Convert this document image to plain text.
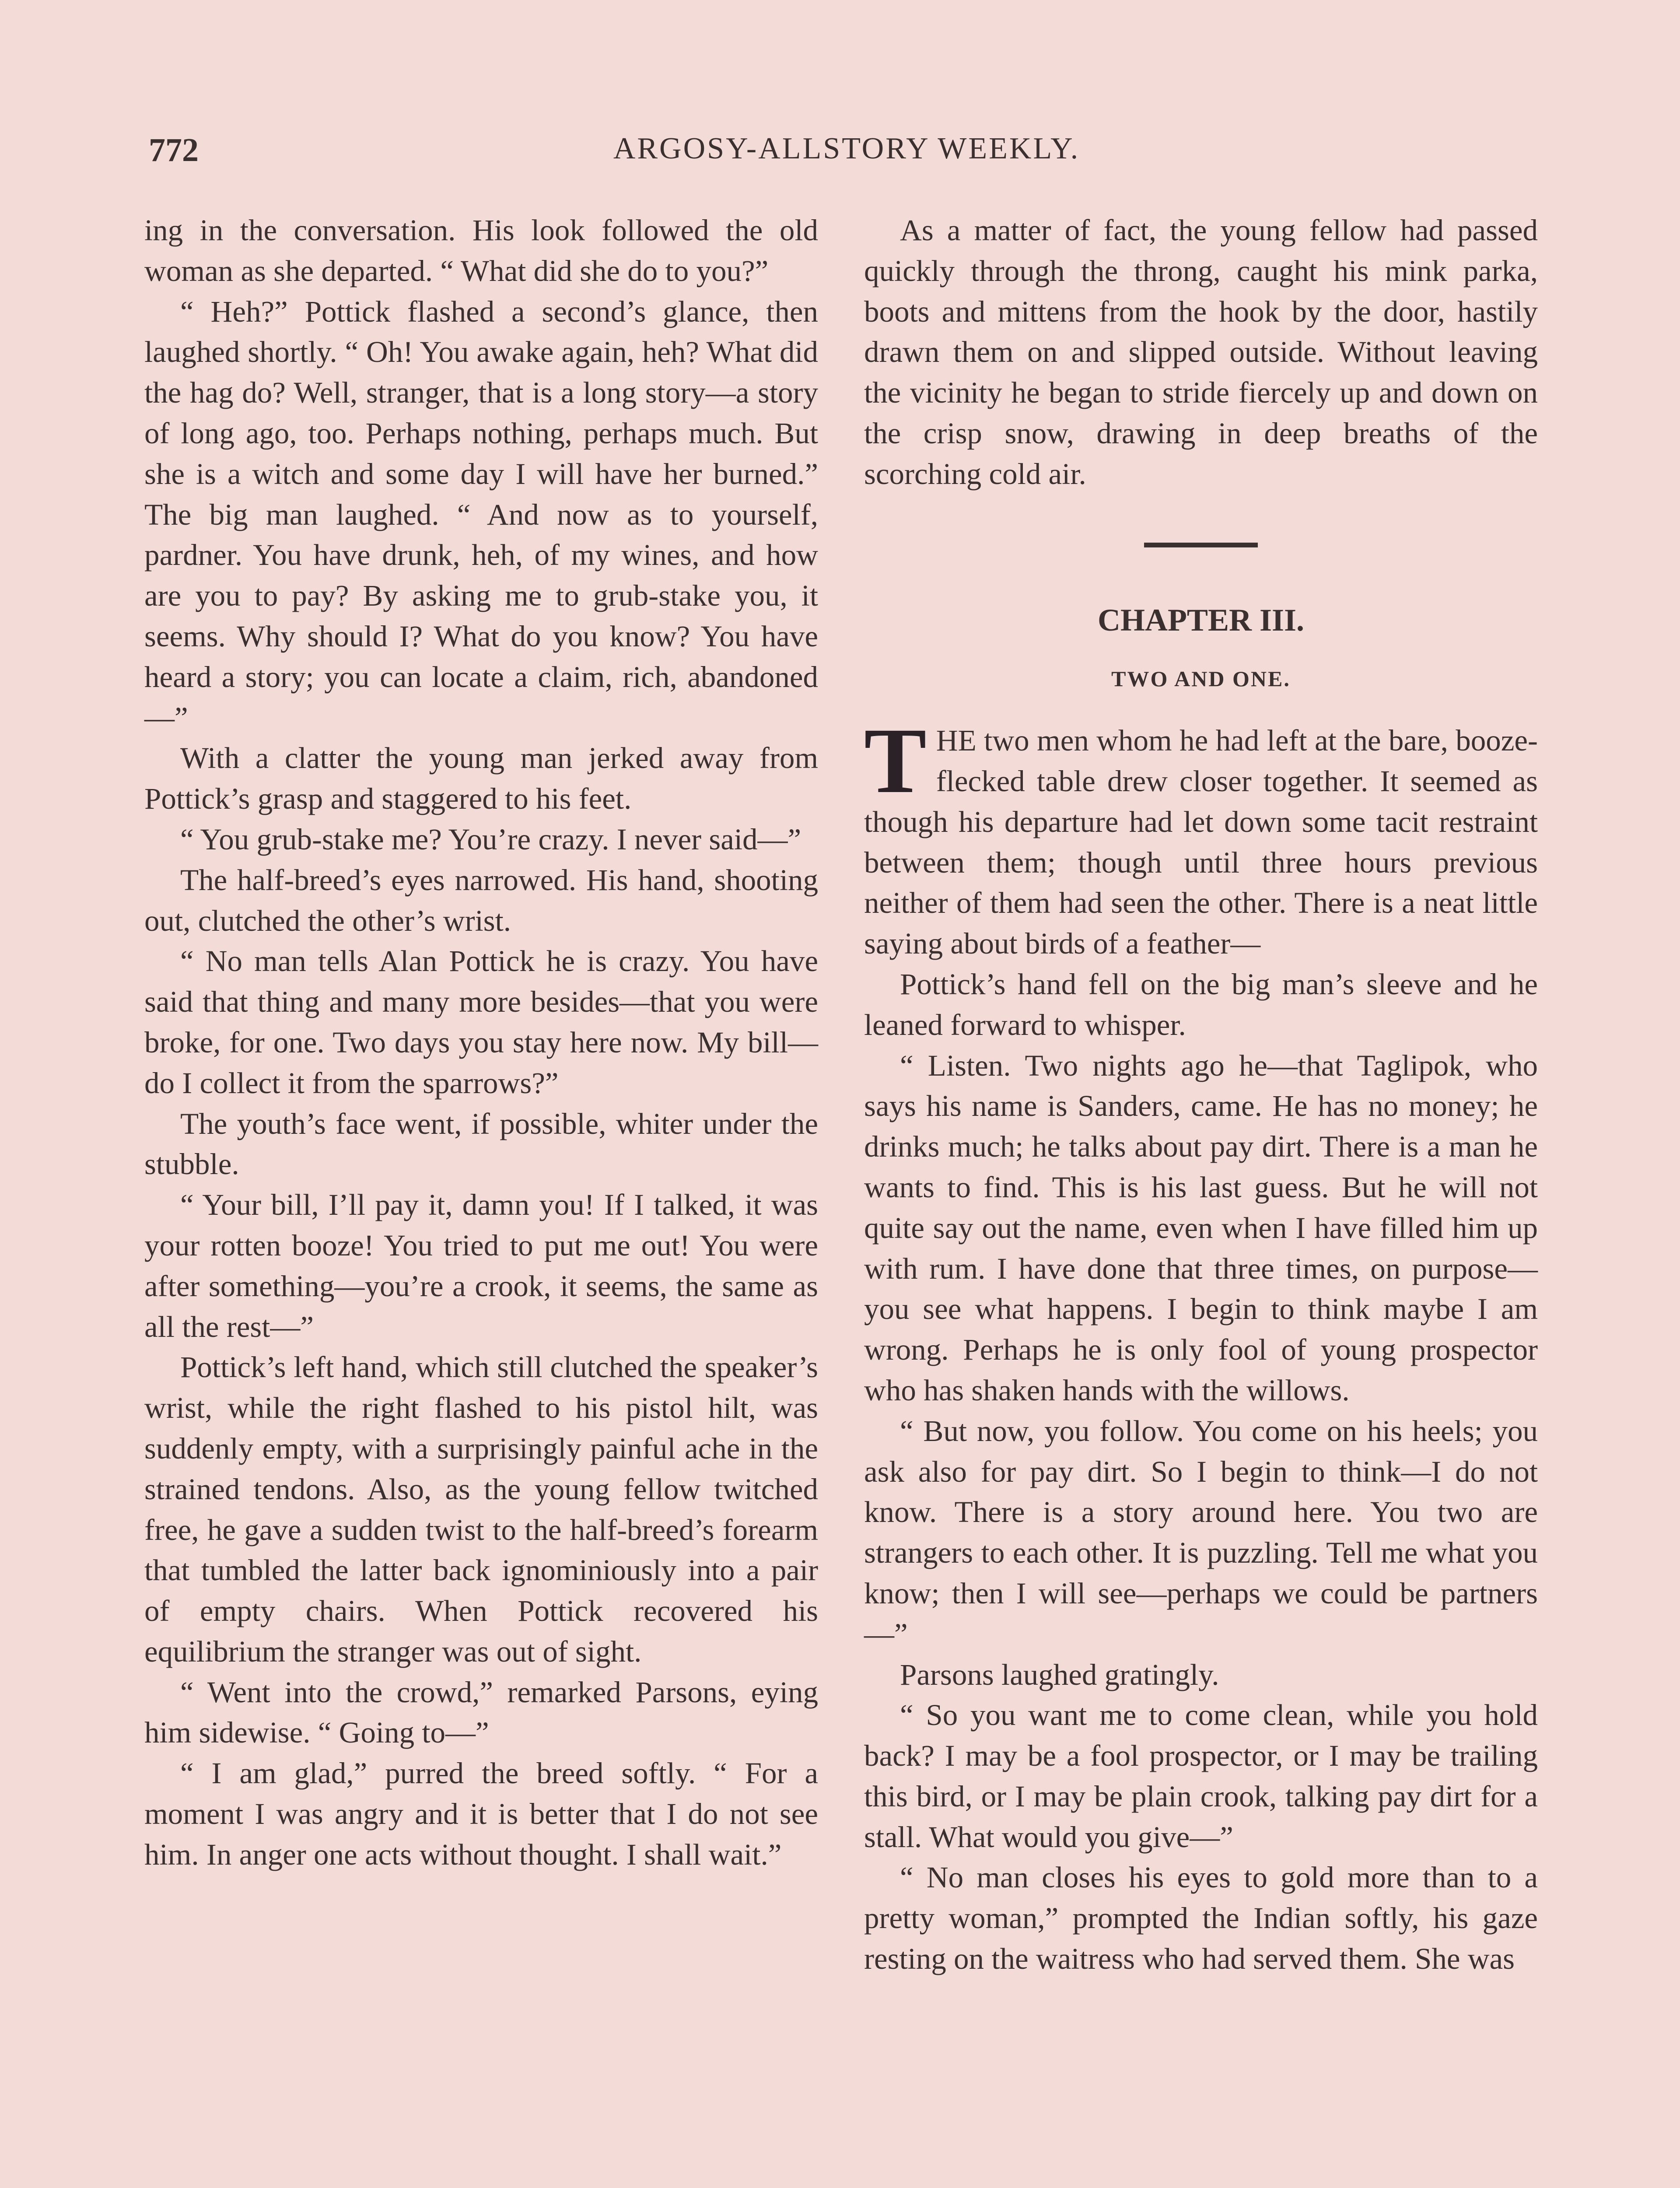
772	ARGOSY-ALLSTORY WEEKLY.

ing in the conversation. His look followed the old woman as she departed. “ What did she do to you?”

“ Heh?” Pottick flashed a second’s glance, then laughed shortly. “ Oh! You awake again, heh? What did the hag do? Well, stranger, that is a long story—a story of long ago, too. Perhaps nothing, perhaps much. But she is a witch and some day I will have her burned.” The big man laughed. “ And now as to yourself, pardner. You have drunk, heh, of my wines, and how are you to pay? By asking me to grub-stake you, it seems. Why should I? What do you know? You have heard a story; you can locate a claim, rich, abandoned—”

With a clatter the young man jerked away from Pottick’s grasp and staggered to his feet.

“ You grub-stake me? You’re crazy. I never said—”

The half-breed’s eyes narrowed. His hand, shooting out, clutched the other’s wrist.

“ No man tells Alan Pottick he is crazy. You have said that thing and many more besides—that you were broke, for one. Two days you stay here now. My bill—do I collect it from the sparrows?”

The youth’s face went, if possible, whiter under the stubble.

“ Your bill, I’ll pay it, damn you! If I talked, it was your rotten booze! You tried to put me out! You were after something—you’re a crook, it seems, the same as all the rest—”

Pottick’s left hand, which still clutched the speaker’s wrist, while the right flashed to his pistol hilt, was suddenly empty, with a surprisingly painful ache in the strained tendons. Also, as the young fellow twitched free, he gave a sudden twist to the half-breed’s forearm that tumbled the latter back ignominiously into a pair of empty chairs. When Pottick recovered his equilibrium the stranger was out of sight.

“ Went into the crowd,” remarked Parsons, eying him sidewise. “ Going to—”

“ I am glad,” purred the breed softly. “ For a moment I was angry and it is better that I do not see him. In anger one acts without thought. I shall wait.”

As a matter of fact, the young fellow had passed quickly through the throng, caught his mink parka, boots and mittens from the hook by the door, hastily drawn them on and slipped outside. Without leaving the vicinity he began to stride fiercely up and down on the crisp snow, drawing in deep breaths of the scorching cold air.

CHAPTER III.
TWO AND ONE.

THE two men whom he had left at the bare, booze-flecked table drew closer together. It seemed as though his departure had let down some tacit restraint between them; though until three hours previous neither of them had seen the other. There is a neat little saying about birds of a feather—

Pottick’s hand fell on the big man’s sleeve and he leaned forward to whisper.

“ Listen. Two nights ago he—that Taglipok, who says his name is Sanders, came. He has no money; he drinks much; he talks about pay dirt. There is a man he wants to find. This is his last guess. But he will not quite say out the name, even when I have filled him up with rum. I have done that three times, on purpose—you see what happens. I begin to think maybe I am wrong. Perhaps he is only fool of young prospector who has shaken hands with the willows.

“ But now, you follow. You come on his heels; you ask also for pay dirt. So I begin to think—I do not know. There is a story around here. You two are strangers to each other. It is puzzling. Tell me what you know; then I will see—perhaps we could be partners—”

Parsons laughed gratingly.

“ So you want me to come clean, while you hold back? I may be a fool prospector, or I may be trailing this bird, or I may be plain crook, talking pay dirt for a stall. What would you give—”

“ No man closes his eyes to gold more than to a pretty woman,” prompted the Indian softly, his gaze resting on the waitress who had served them. She was
